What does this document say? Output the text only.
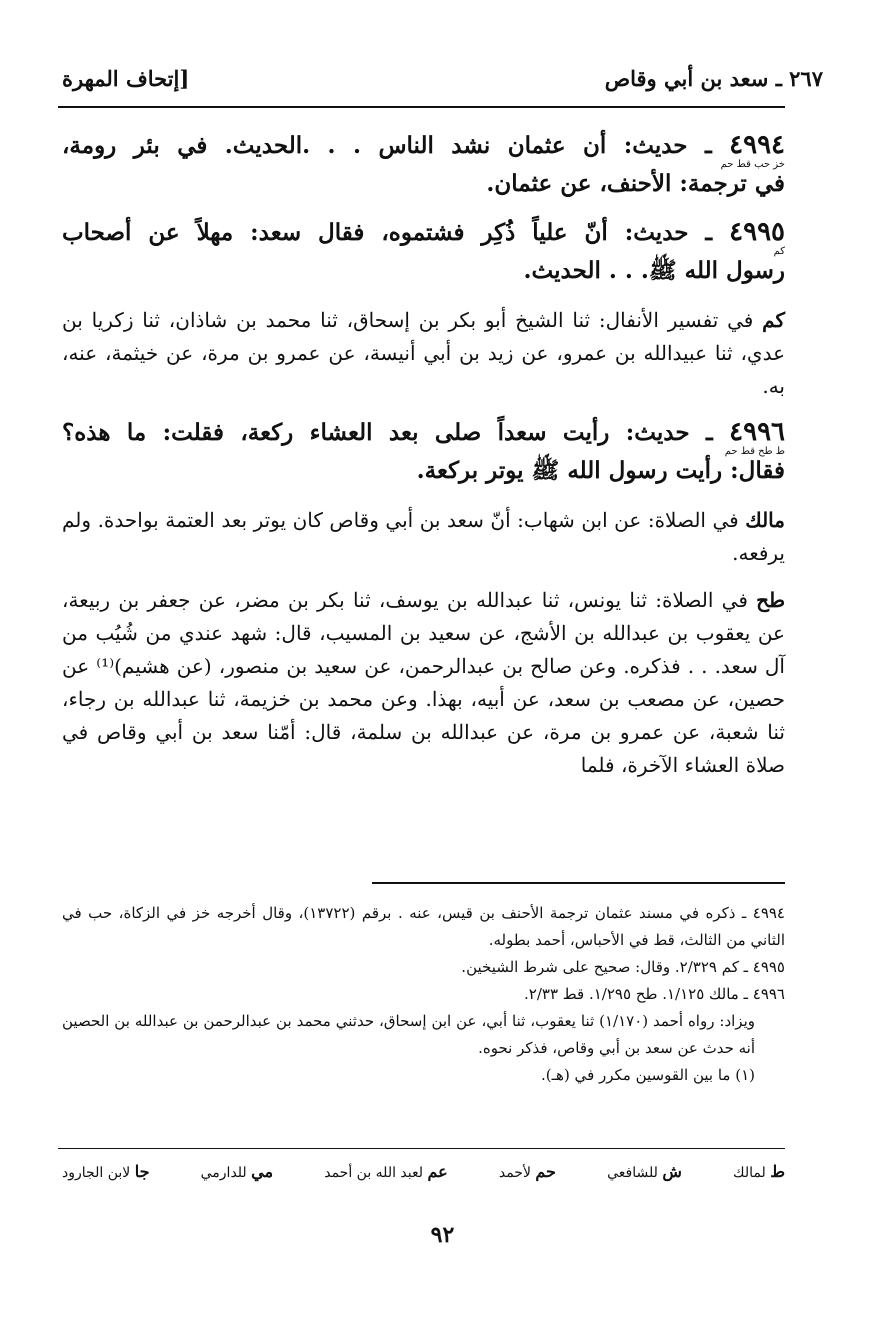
٢٦٧ ـ سعد بن أبي وقاص
[إتحاف المهرة
٤٩٩٤ ـ حديث: أن عثمان نشد الناس . . .الحديث. في بئر رومة،
خز حب قط حم
في ترجمة: الأحنف، عن عثمان.
٤٩٩٥ ـ حديث: أنّ علياً ذُكِر فشتموه، فقال سعد: مهلاً عن أصحاب
كم
رسول الله ﷺ. . . الحديث.

كم في تفسير الأنفال: ثنا الشيخ أبو بكر بن إسحاق، ثنا محمد بن شاذان، ثنا زكريا بن عدي، ثنا عبيدالله بن عمرو، عن زيد بن أبي أنيسة، عن عمرو بن مرة، عن خيثمة، عنه، به.

٤٩٩٦ ـ حديث: رأيت سعداً صلى بعد العشاء ركعة، فقلت: ما هذه؟
ط طح قط حم
فقال: رأيت رسول الله ﷺ يوتر بركعة.

مالك في الصلاة: عن ابن شهاب: أنّ سعد بن أبي وقاص كان يوتر بعد العتمة بواحدة. ولم يرفعه.

طح في الصلاة: ثنا يونس، ثنا عبدالله بن يوسف، ثنا بكر بن مضر، عن جعفر بن ربيعة، عن يعقوب بن عبدالله بن الأشج، عن سعيد بن المسيب، قال: شهد عندي من شُيُب من آل سعد. . . فذكره. وعن صالح بن عبدالرحمن، عن سعيد بن منصور، (عن هشيم)⁽¹⁾ عن حصين، عن مصعب بن سعد، عن أبيه، بهذا. وعن محمد بن خزيمة، ثنا عبدالله بن رجاء، ثنا شعبة، عن عمرو بن مرة، عن عبدالله بن سلمة، قال: أمّنا سعد بن أبي وقاص في صلاة العشاء الآخرة، فلما

٤٩٩٤ ـ ذكره في مسند عثمان ترجمة الأحنف بن قيس، عنه . برقم (١٣٧٢٢)، وقال أخرجه خز في الزكاة، حب في الثاني من الثالث، قط في الأحباس، أحمد بطوله.

٤٩٩٥ ـ كم ٢/٣٢٩. وقال: صحيح على شرط الشيخين.

٤٩٩٦ ـ مالك ١/١٢٥. طح ١/٢٩٥. قط ٢/٣٣.

ويزاد: رواه أحمد (١/١٧٠) ثنا يعقوب، ثنا أبي، عن ابن إسحاق، حدثني محمد بن عبدالرحمن بن عبدالله بن الحصين أنه حدث عن سعد بن أبي وقاص، فذكر نحوه.

(١) ما بين القوسين مكرر في (هـ).

ط لمالك
ش للشافعي
حم لأحمد
عم لعبد الله بن أحمد
مي للدارمي
جا لابن الجارود
٩٢
